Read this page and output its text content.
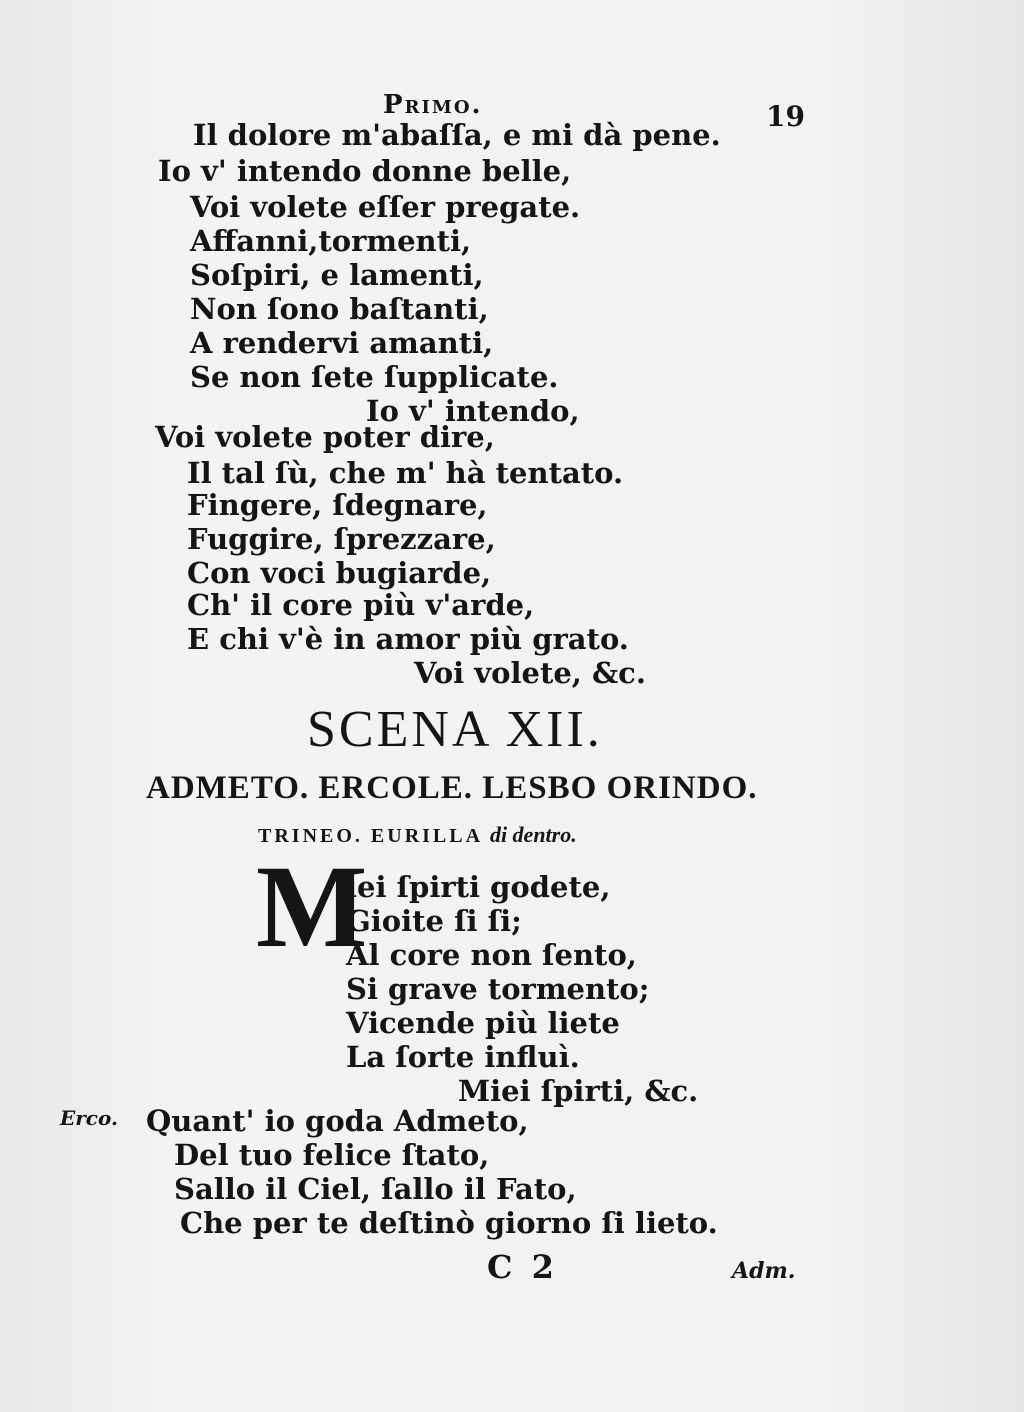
Primo.	19
Il dolore m'abaſſa, e mi dà pene.
Io v' intendo donne belle,
Voi volete eſſer pregate.
Affanni,tormenti,
Soſpiri, e lamenti,
Non ſono baſtanti,
A rendervi amanti,
Se non ſete ſupplicate.
Io v' intendo,
Voi volete poter dire,
Il tal ſù, che m' hà tentato.
Fingere, ſdegnare,
Fuggire, ſprezzare,
Con voci bugiarde,
Ch' il core più v'arde,
E chi v'è in amor più grato.
Voi volete, &c.
SCENA XII.
ADMETO. ERCOLE. LESBO ORINDO.
TRINEO. EURILLA di dentro.
M
iei ſpirti godete,
Gioite ſi ſi;
Al core non ſento,
Si grave tormento;
Vicende più liete
La ſorte influì.
Miei ſpirti, &c.
Erco. Quant' io goda Admeto,
Del tuo felice ſtato,
Sallo il Ciel, ſallo il Fato,
Che per te deſtinò giorno ſi lieto.
C 2	Adm.
